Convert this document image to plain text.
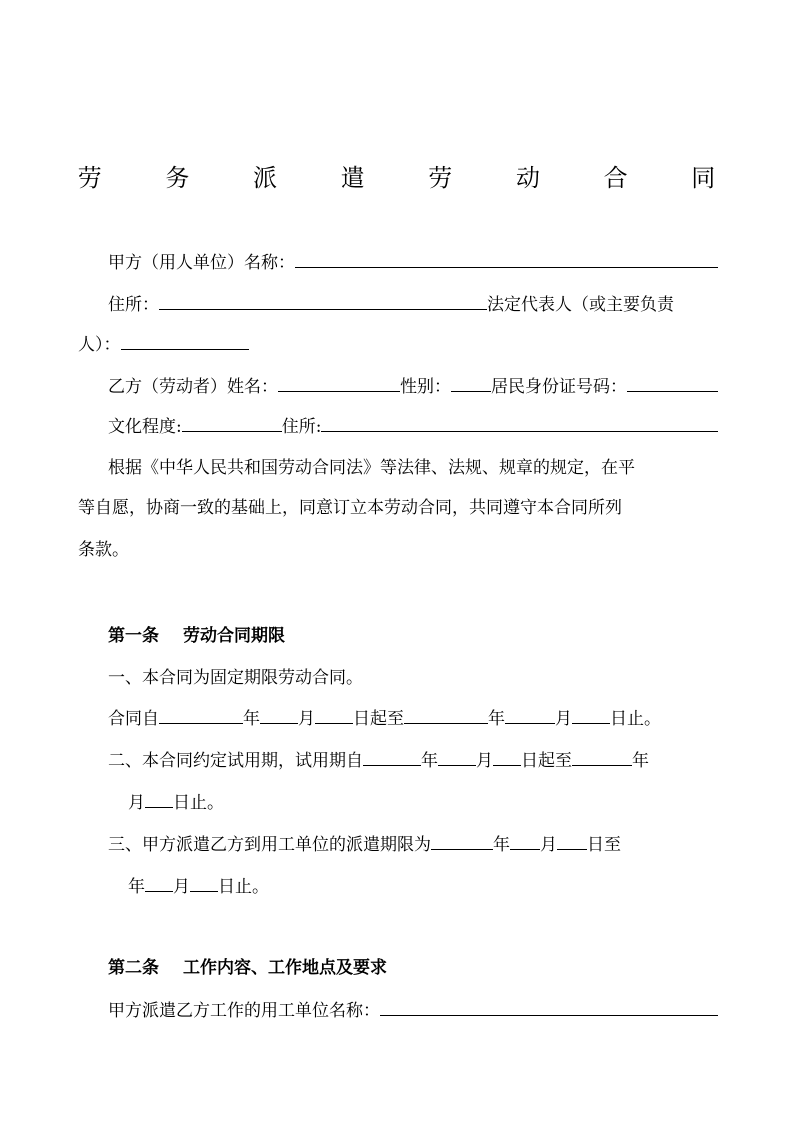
劳 务 派 遣 劳 动 合 同
甲方（用人单位）名称：
住所：	法定代表人（或主要负责
人）：
乙方（劳动者）姓名：	性别： 居民身份证号码：
文化程度:	住所:
根据《中华人民共和国劳动合同法》等法律、法规、规章的规定，在平
等自愿，协商一致的基础上，同意订立本劳动合同，共同遵守本合同所列
条款。
第一条 劳动合同期限
一、本合同为固定期限劳动合同。
合同自	年 月 日起至	年	月 日止。
二、本合同约定试用期，试用期自	年 月 日起至	年
月 日止。
三、甲方派遣乙方到用工单位的派遣期限为	年 月 日至
年 月 日止。
第二条 工作内容、工作地点及要求
甲方派遣乙方工作的用工单位名称：
